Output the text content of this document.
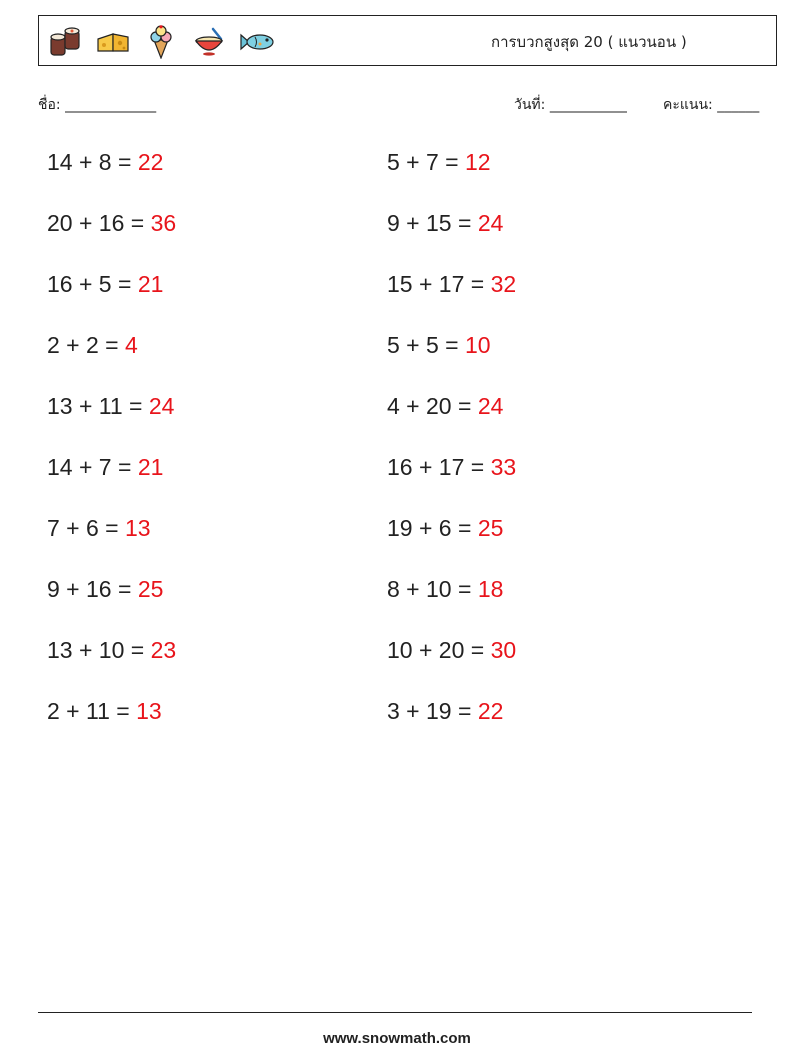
การบวกสูงสุด 20 ( แนวนอน )
ชื่อ: _____________	วันที่: ___________	คะแนน: ______
14 + 8 = 22
20 + 16 = 36
16 + 5 = 21
2 + 2 = 4
13 + 11 = 24
14 + 7 = 21
7 + 6 = 13
9 + 16 = 25
13 + 10 = 23
2 + 11 = 13
5 + 7 = 12
9 + 15 = 24
15 + 17 = 32
5 + 5 = 10
4 + 20 = 24
16 + 17 = 33
19 + 6 = 25
8 + 10 = 18
10 + 20 = 30
3 + 19 = 22
www.snowmath.com
